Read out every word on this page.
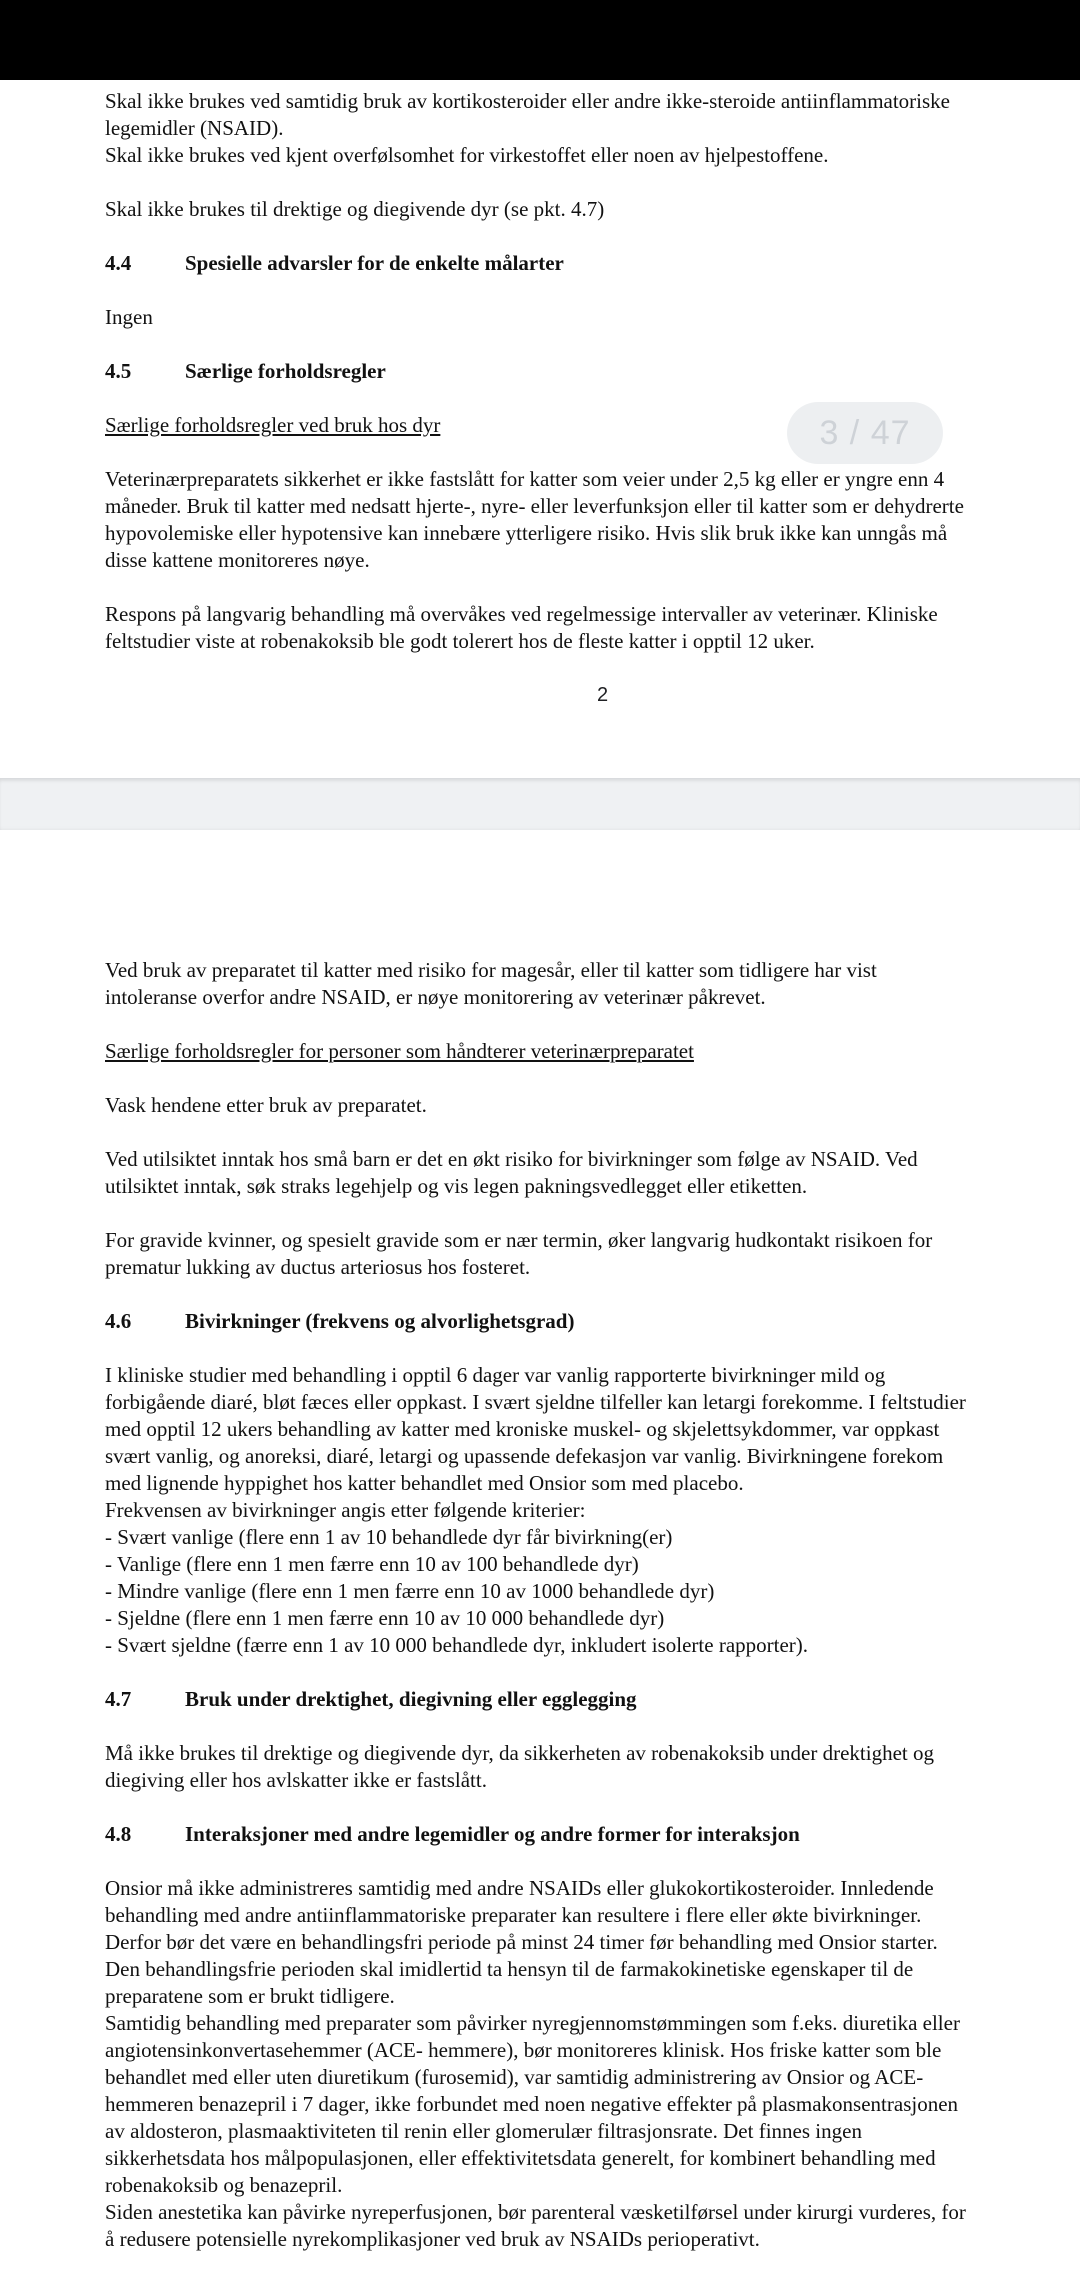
Skal ikke brukes ved samtidig bruk av kortikosteroider eller andre ikke-steroide antiinflammatoriske
legemidler (NSAID).
Skal ikke brukes ved kjent overfølsomhet for virkestoffet eller noen av hjelpestoffene.
Skal ikke brukes til drektige og diegivende dyr (se pkt. 4.7)
4.4	Spesielle advarsler for de enkelte målarter
Ingen
4.5	Særlige forholdsregler
Særlige forholdsregler ved bruk hos dyr
Veterinærpreparatets sikkerhet er ikke fastslått for katter som veier under 2,5 kg eller er yngre enn 4
måneder. Bruk til katter med nedsatt hjerte-, nyre- eller leverfunksjon eller til katter som er dehydrerte
hypovolemiske eller hypotensive kan innebære ytterligere risiko. Hvis slik bruk ikke kan unngås må
disse kattene monitoreres nøye.
Respons på langvarig behandling må overvåkes ved regelmessige intervaller av veterinær. Kliniske
feltstudier viste at robenakoksib ble godt tolerert hos de fleste katter i opptil 12 uker.
2
Ved bruk av preparatet til katter med risiko for magesår, eller til katter som tidligere har vist
intoleranse overfor andre NSAID, er nøye monitorering av veterinær påkrevet.
Særlige forholdsregler for personer som håndterer veterinærpreparatet
Vask hendene etter bruk av preparatet.
Ved utilsiktet inntak hos små barn er det en økt risiko for bivirkninger som følge av NSAID. Ved
utilsiktet inntak, søk straks legehjelp og vis legen pakningsvedlegget eller etiketten.
For gravide kvinner, og spesielt gravide som er nær termin, øker langvarig hudkontakt risikoen for
prematur lukking av ductus arteriosus hos fosteret.
4.6	Bivirkninger (frekvens og alvorlighetsgrad)
I kliniske studier med behandling i opptil 6 dager var vanlig rapporterte bivirkninger mild og
forbigående diaré, bløt fæces eller oppkast. I svært sjeldne tilfeller kan letargi forekomme. I feltstudier
med opptil 12 ukers behandling av katter med kroniske muskel- og skjelettsykdommer, var oppkast
svært vanlig, og anoreksi, diaré, letargi og upassende defekasjon var vanlig. Bivirkningene forekom
med lignende hyppighet hos katter behandlet med Onsior som med placebo.
Frekvensen av bivirkninger angis etter følgende kriterier:
- Svært vanlige (flere enn 1 av 10 behandlede dyr får bivirkning(er)
- Vanlige (flere enn 1 men færre enn 10 av 100 behandlede dyr)
- Mindre vanlige (flere enn 1 men færre enn 10 av 1000 behandlede dyr)
- Sjeldne (flere enn 1 men færre enn 10 av 10 000 behandlede dyr)
- Svært sjeldne (færre enn 1 av 10 000 behandlede dyr, inkludert isolerte rapporter).
4.7	Bruk under drektighet, diegivning eller egglegging
Må ikke brukes til drektige og diegivende dyr, da sikkerheten av robenakoksib under drektighet og
diegiving eller hos avlskatter ikke er fastslått.
4.8	Interaksjoner med andre legemidler og andre former for interaksjon
Onsior må ikke administreres samtidig med andre NSAIDs eller glukokortikosteroider. Innledende
behandling med andre antiinflammatoriske preparater kan resultere i flere eller økte bivirkninger.
Derfor bør det være en behandlingsfri periode på minst 24 timer før behandling med Onsior starter.
Den behandlingsfrie perioden skal imidlertid ta hensyn til de farmakokinetiske egenskaper til de
preparatene som er brukt tidligere.
Samtidig behandling med preparater som påvirker nyregjennomstømmingen som f.eks. diuretika eller
angiotensinkonvertasehemmer (ACE- hemmere), bør monitoreres klinisk. Hos friske katter som ble
behandlet med eller uten diuretikum (furosemid), var samtidig administrering av Onsior og ACE-
hemmeren benazepril i 7 dager, ikke forbundet med noen negative effekter på plasmakonsentrasjonen
av aldosteron, plasmaaktiviteten til renin eller glomerulær filtrasjonsrate. Det finnes ingen
sikkerhetsdata hos målpopulasjonen, eller effektivitetsdata generelt, for kombinert behandling med
robenakoksib og benazepril.
Siden anestetika kan påvirke nyreperfusjonen, bør parenteral væsketilførsel under kirurgi vurderes, for
å redusere potensielle nyrekomplikasjoner ved bruk av NSAIDs perioperativt.
3 / 47
